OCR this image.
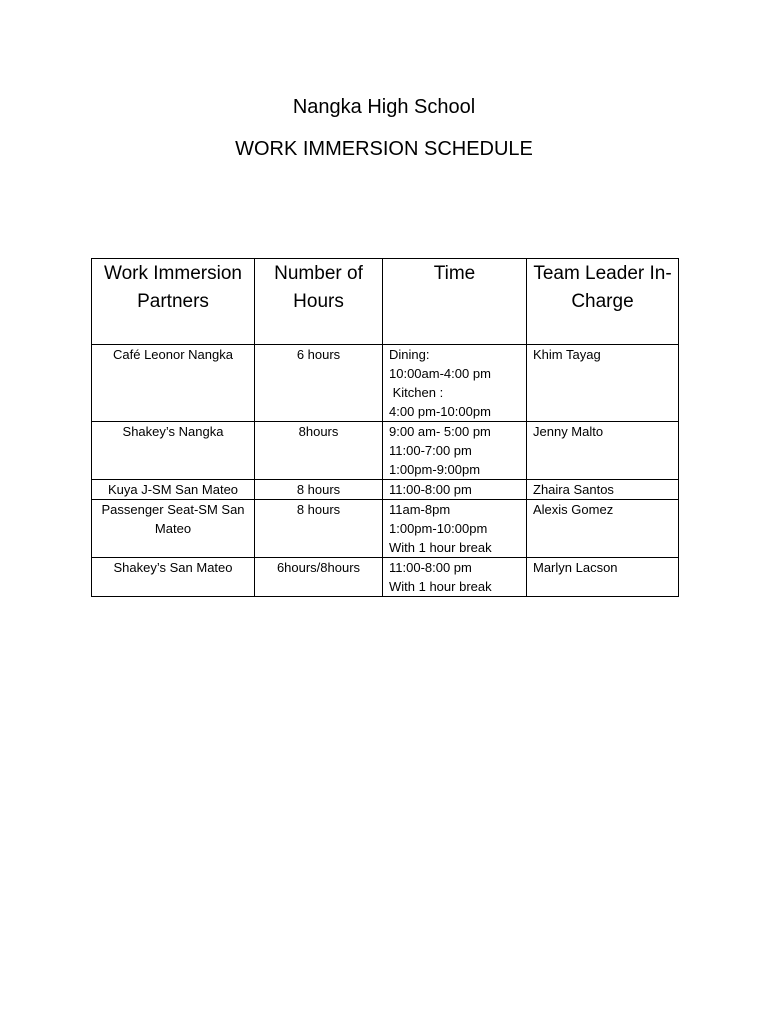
Nangka High School
WORK IMMERSION SCHEDULE
Work Immersion Partners	Number of Hours	Time	Team Leader In- Charge
Café Leonor Nangka	6 hours	Dining:
10:00am-4:00 pm
Kitchen :
4:00 pm-10:00pm	Khim Tayag
Shakey’s Nangka	8hours	9:00 am- 5:00 pm
11:00-7:00 pm
1:00pm-9:00pm	Jenny Malto
Kuya J-SM San Mateo	8 hours	11:00-8:00 pm	Zhaira Santos
Passenger Seat-SM San Mateo	8 hours	11am-8pm
1:00pm-10:00pm
With 1 hour break	Alexis Gomez
Shakey’s San Mateo	6hours/8hours	11:00-8:00 pm
With 1 hour break	Marlyn Lacson
